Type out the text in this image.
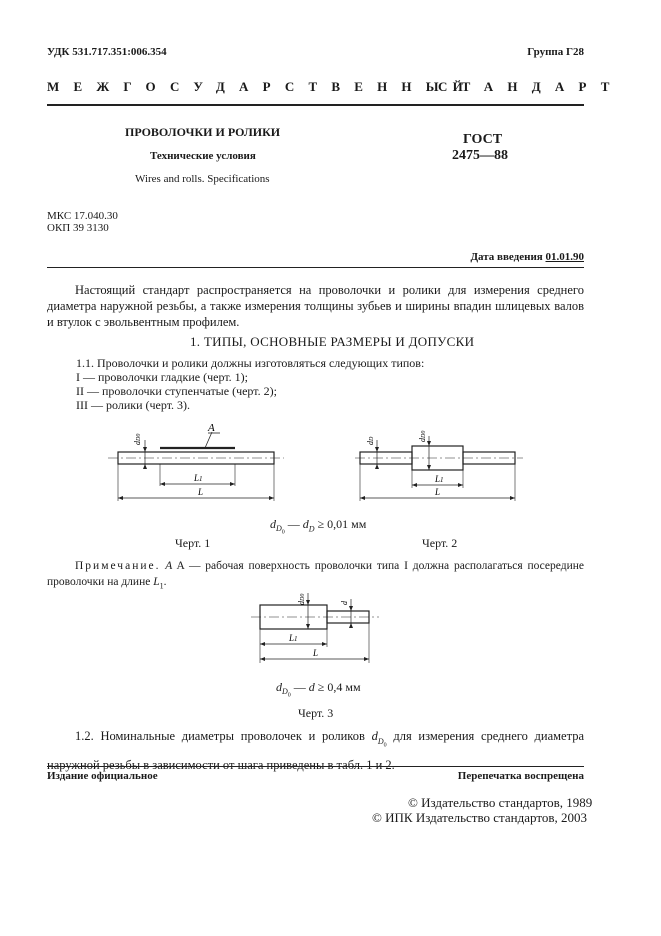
УДК 531.717.351:006.354	Группа Г28
МЕЖГОСУДАРСТВЕННЫЙ
СТАНДАРТ
ПРОВОЛОЧКИ И РОЛИКИ
Технические условия
Wires and rolls. Specifications
ГОСТ
2475—88
МКС 17.040.30
ОКП 39 3130
Дата введения 01.01.90
Настоящий стандарт распространяется на проволочки и ролики для измерения среднего диаметра наружной резьбы, а также измерения толщины зубьев и ширины впадин шлицевых валов и втулок с эвольвентным профилем.
1. ТИПЫ, ОСНОВНЫЕ РАЗМЕРЫ И ДОПУСКИ
1.1. Проволочки и ролики должны изготовляться следующих типов:
I — проволочки гладкие (черт. 1);
II — проволочки ступенчатые (черт. 2);
III — ролики (черт. 3).
A
dD0
L1
L
dD	dD0
L1
L
$d_{D_0}$ — $d_D \ge 0,01$ мм
Черт. 1	Черт. 2
Примечание. A A — рабочая поверхность проволочки типа I должна располагаться посередине проволочки на длине $L_1$.
dD0
d
L1
L
$d_{D_0}$ — d ≥ 0,4 мм
Черт. 3
1.2. Номинальные диаметры проволочек и роликов $d_{D_0}$ для измерения среднего диаметра наружной резьбы в зависимости от шага приведены в табл. 1 и 2.
Издание официальное	Перепечатка воспрещена
© Издательство стандартов, 1989
© ИПК Издательство стандартов, 2003
